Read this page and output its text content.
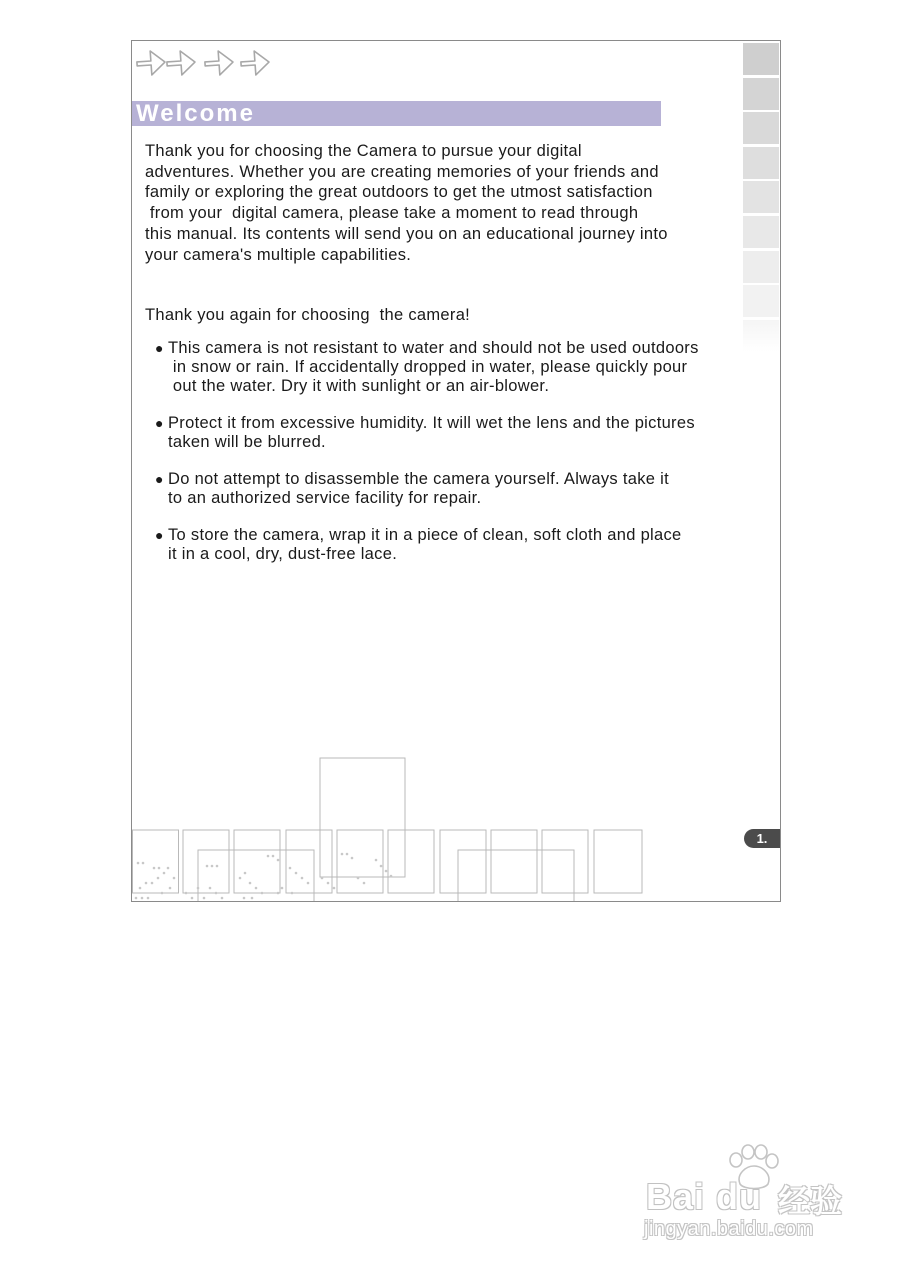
Welcome
Thank you for choosing the Camera to pursue your digital
adventures. Whether you are creating memories of your friends and
family or exploring the great outdoors to get the utmost satisfaction
from your  digital camera, please take a moment to read through
this manual. Its contents will send you on an educational journey into
your camera's multiple capabilities.
Thank you again for choosing  the camera!
● This camera is not resistant to water and should not be used outdoors
in snow or rain. If accidentally dropped in water, please quickly pour
out the water. Dry it with sunlight or an air-blower.
● Protect it from excessive humidity. It will wet the lens and the pictures
taken will be blurred.
● Do not attempt to disassemble the camera yourself. Always take it
to an authorized service facility for repair.
● To store the camera, wrap it in a piece of clean, soft cloth and place
it in a cool, dry, dust-free lace.
1.
Bai du 经验
jingyan.baidu.com
